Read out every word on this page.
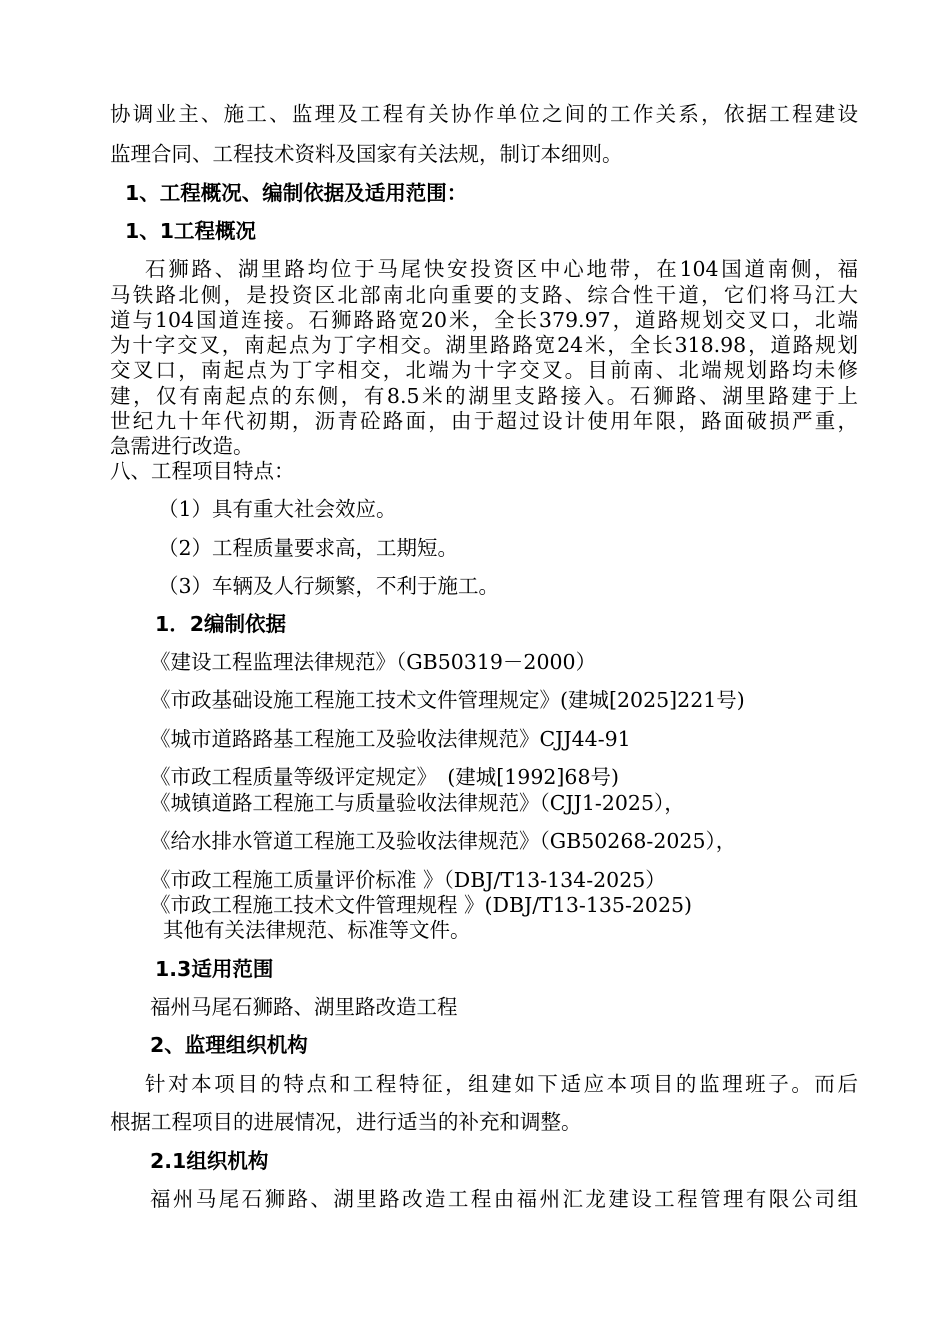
协调业主、施工、监理及工程有关协作单位之间的工作关系，依据工程建设
监理合同、工程技术资料及国家有关法规，制订本细则。
1、工程概况、编制依据及适用范围：
1、1工程概况
石狮路、湖里路均位于马尾快安投资区中心地带，在104国道南侧，福
马铁路北侧，是投资区北部南北向重要的支路、综合性干道，它们将马江大
道与104国道连接。石狮路路宽20米，全长379.97，道路规划交叉口，北端
为十字交叉，南起点为丁字相交。湖里路路宽24米，全长318.98，道路规划
交叉口，南起点为丁字相交，北端为十字交叉。目前南、北端规划路均未修
建，仅有南起点的东侧，有8.5米的湖里支路接入。石狮路、湖里路建于上
世纪九十年代初期，沥青砼路面，由于超过设计使用年限，路面破损严重，
急需进行改造。
八、工程项目特点：
（1）具有重大社会效应。
（2）工程质量要求高，工期短。
（3）车辆及人行频繁，不利于施工。
1．2编制依据
《建设工程监理法律规范》（GB50319－2000）
《市政基础设施工程施工技术文件管理规定》(建城[2025]221号)
《城市道路路基工程施工及验收法律规范》CJJ44-91
《市政工程质量等级评定规定》　(建城[1992]68号)
《城镇道路工程施工与质量验收法律规范》（CJJ1-2025），
《给水排水管道工程施工及验收法律规范》（GB50268-2025），
《市政工程施工质量评价标准 》（DBJ/T13-134-2025）
《市政工程施工技术文件管理规程 》(DBJ/T13-135-2025)
其他有关法律规范、标准等文件。
1.3适用范围
福州马尾石狮路、湖里路改造工程
2、监理组织机构
针对本项目的特点和工程特征，组建如下适应本项目的监理班子。而后
根据工程项目的进展情况，进行适当的补充和调整。
2.1组织机构
福州马尾石狮路、湖里路改造工程由福州汇龙建设工程管理有限公司组
